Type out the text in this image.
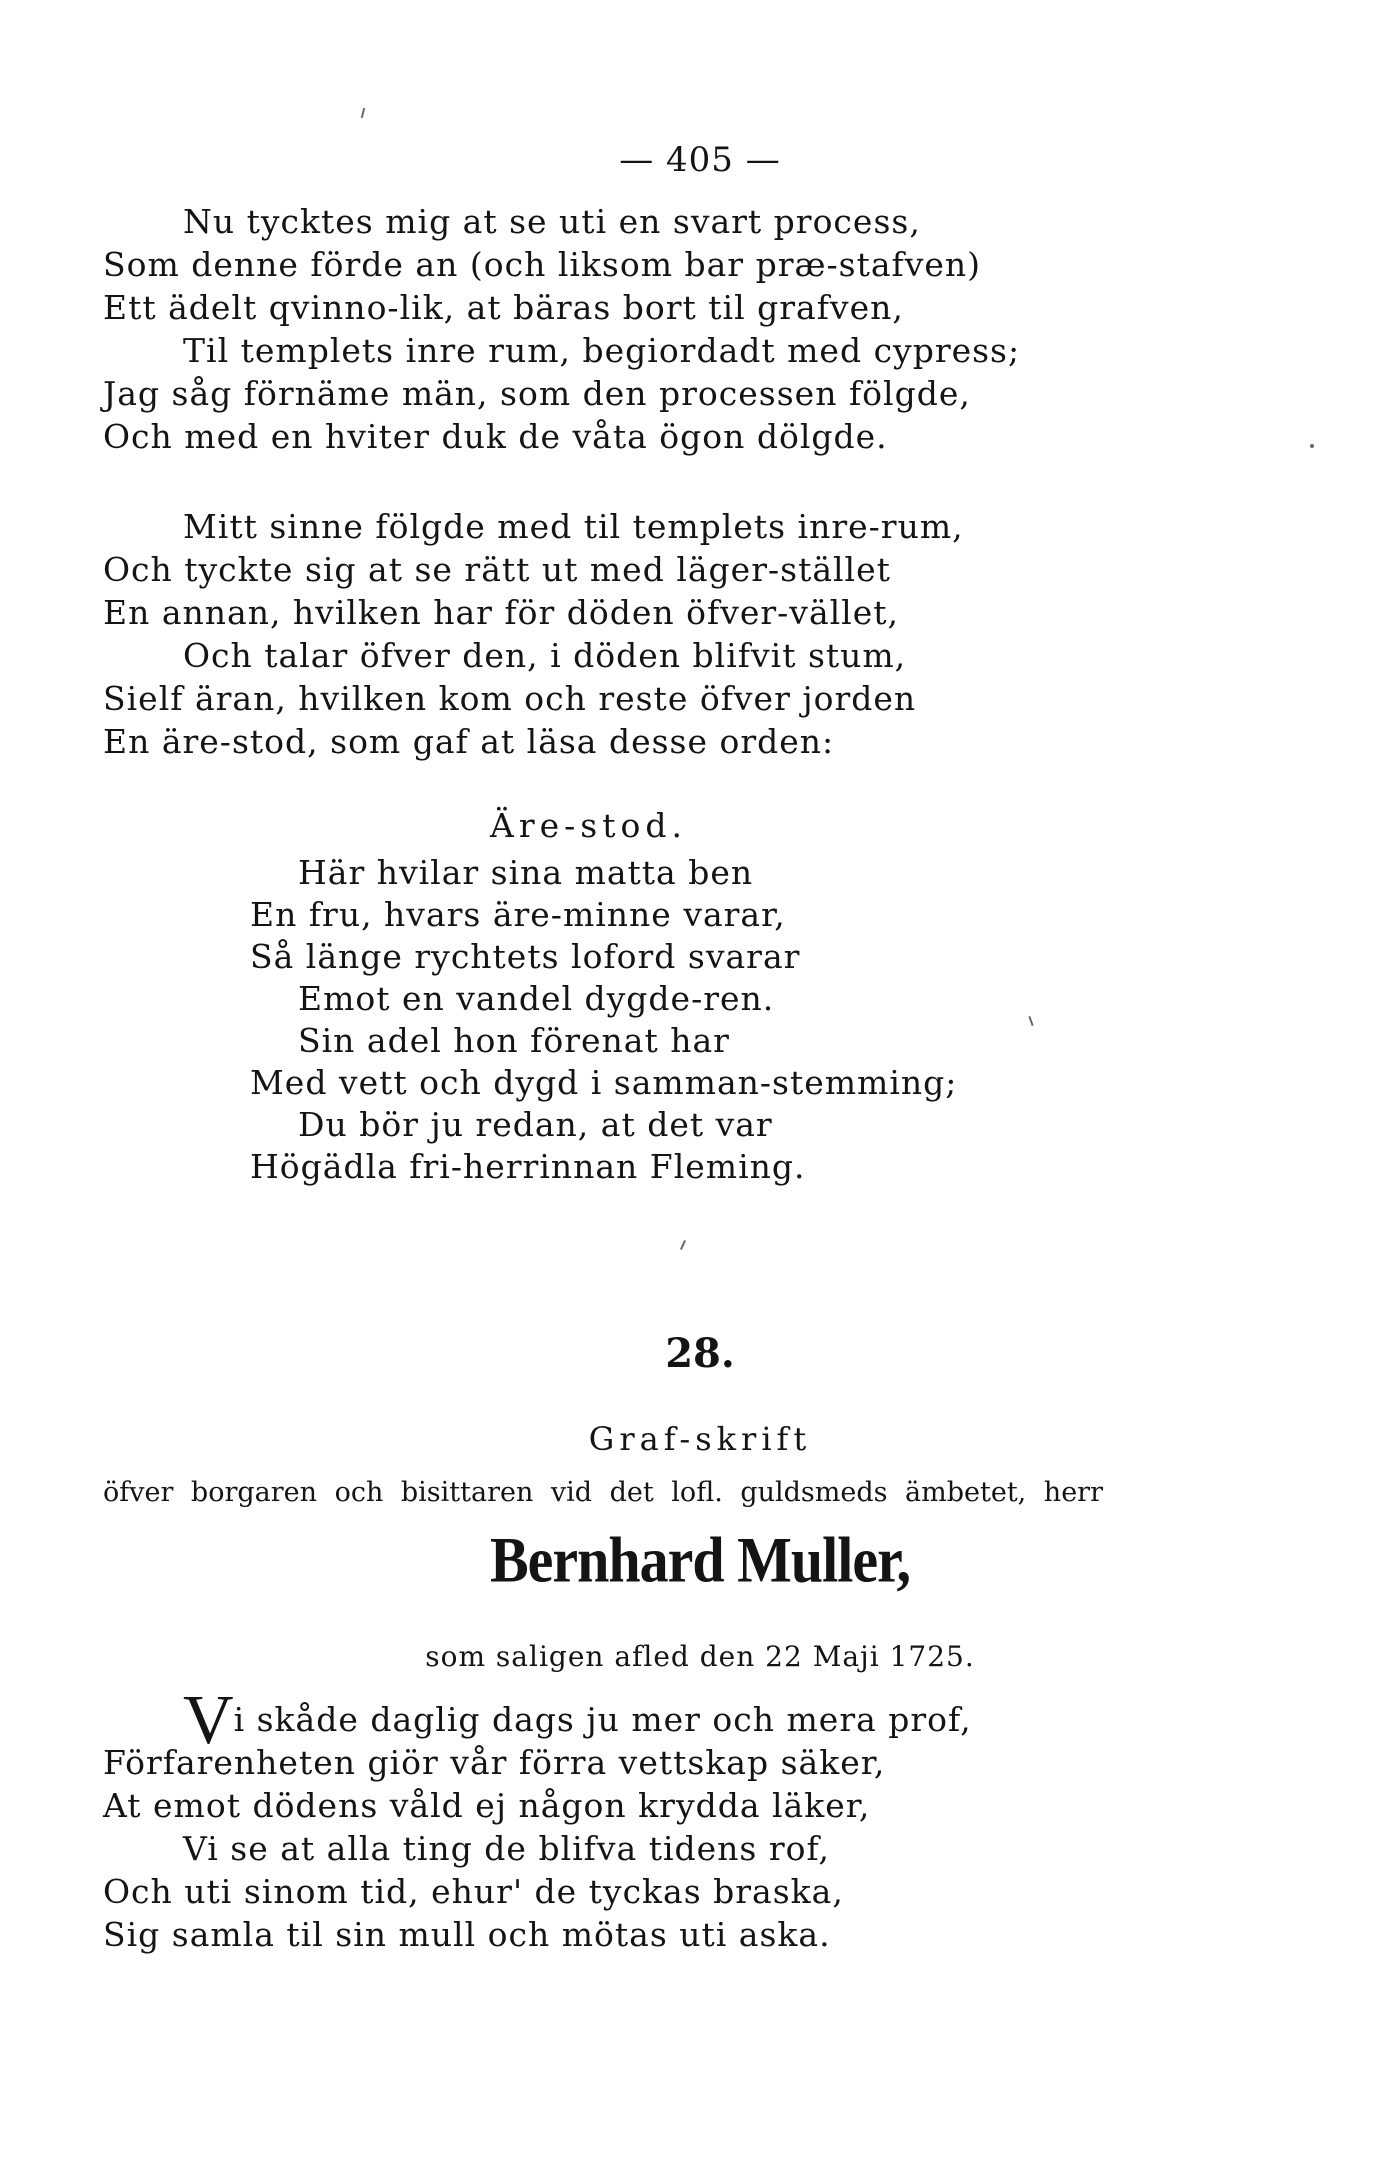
— 405 —
Nu tycktes mig at se uti en svart process,
Som denne förde an (och liksom bar præ-stafven)
Ett ädelt qvinno-lik, at bäras bort til grafven,
Til templets inre rum, begiordadt med cypress;
Jag såg förnäme män, som den processen fölgde,
Och med en hviter duk de våta ögon dölgde.
Mitt sinne fölgde med til templets inre-rum,
Och tyckte sig at se rätt ut med läger-stället
En annan, hvilken har för döden öfver-vället,
Och talar öfver den, i döden blifvit stum,
Sielf äran, hvilken kom och reste öfver jorden
En äre-stod, som gaf at läsa desse orden:
Äre-stod.
Här hvilar sina matta ben
En fru, hvars äre-minne varar,
Så länge rychtets loford svarar
Emot en vandel dygde-ren.
Sin adel hon förenat har
Med vett och dygd i samman-stemming;
Du bör ju redan, at det var
Högädla fri-herrinnan Fleming.
28.
Graf-skrift
öfver borgaren och bisittaren vid det lofl. guldsmeds ämbetet, herr
Bernhard Muller,
som saligen afled den 22 Maji 1725.
Vi skåde daglig dags ju mer och mera prof,
Förfarenheten giör vår förra vettskap säker,
At emot dödens våld ej någon krydda läker,
Vi se at alla ting de blifva tidens rof,
Och uti sinom tid, ehur' de tyckas braska,
Sig samla til sin mull och mötas uti aska.
